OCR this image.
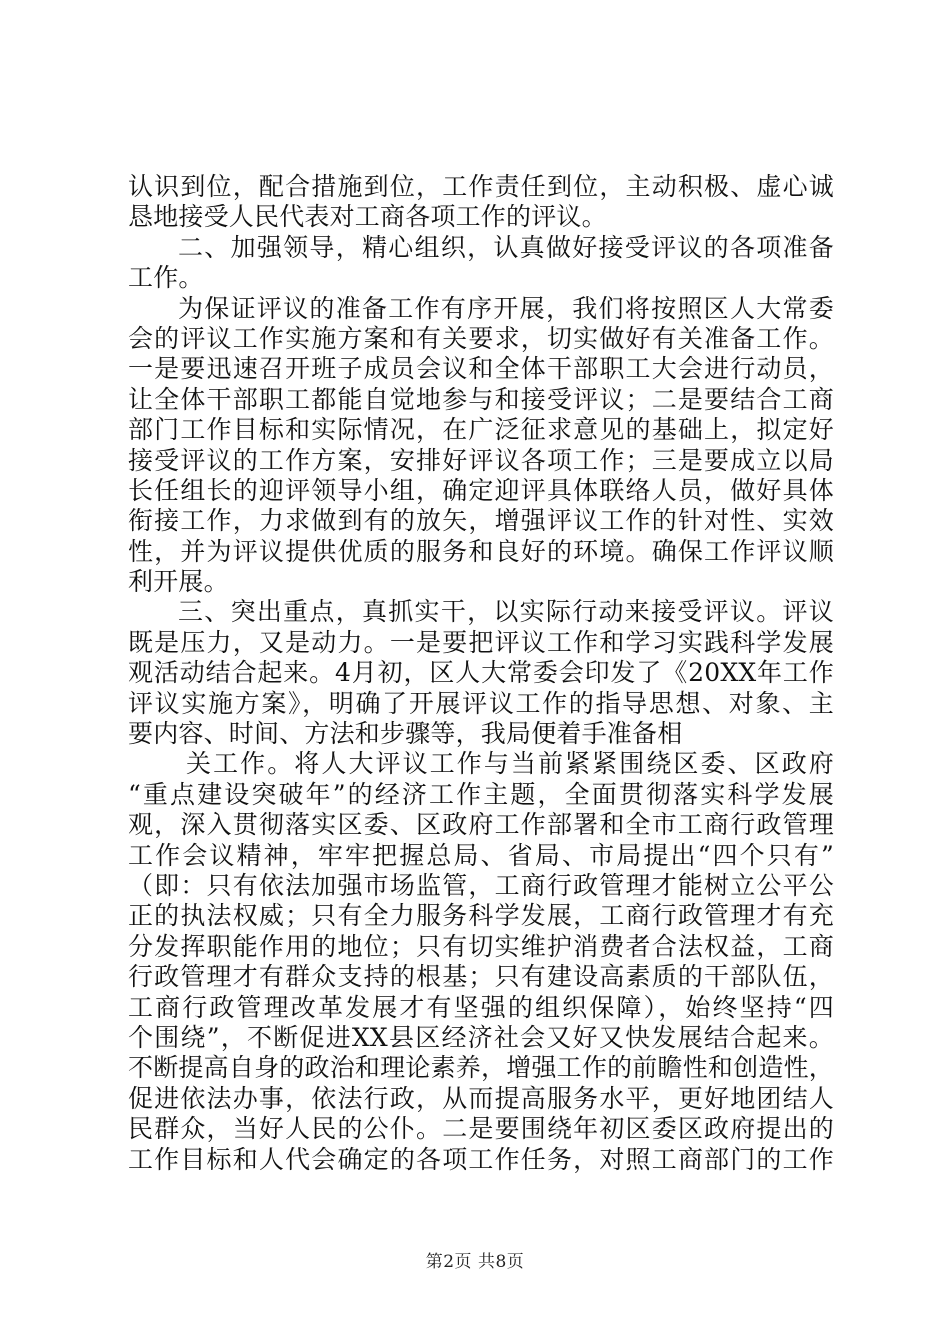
认识到位，配合措施到位，工作责任到位，主动积极、虚心诚
恳地接受人民代表对工商各项工作的评议。
二、加强领导，精心组织，认真做好接受评议的各项准备
工作。
为保证评议的准备工作有序开展，我们将按照区人大常委
会的评议工作实施方案和有关要求，切实做好有关准备工作。
一是要迅速召开班子成员会议和全体干部职工大会进行动员，
让全体干部职工都能自觉地参与和接受评议；二是要结合工商
部门工作目标和实际情况，在广泛征求意见的基础上，拟定好
接受评议的工作方案，安排好评议各项工作；三是要成立以局
长任组长的迎评领导小组，确定迎评具体联络人员，做好具体
衔接工作，力求做到有的放矢，增强评议工作的针对性、实效
性，并为评议提供优质的服务和良好的环境。确保工作评议顺
利开展。
三、突出重点，真抓实干，以实际行动来接受评议。评议
既是压力，又是动力。一是要把评议工作和学习实践科学发展
观活动结合起来。4月初，区人大常委会印发了《20XX年工作
评议实施方案》，明确了开展评议工作的指导思想、对象、主
要内容、时间、方法和步骤等，我局便着手准备相
关工作。将人大评议工作与当前紧紧围绕区委、区政府
“重点建设突破年”的经济工作主题，全面贯彻落实科学发展
观，深入贯彻落实区委、区政府工作部署和全市工商行政管理
工作会议精神，牢牢把握总局、省局、市局提出“四个只有”
（即：只有依法加强市场监管，工商行政管理才能树立公平公
正的执法权威；只有全力服务科学发展，工商行政管理才有充
分发挥职能作用的地位；只有切实维护消费者合法权益，工商
行政管理才有群众支持的根基；只有建设高素质的干部队伍，
工商行政管理改革发展才有坚强的组织保障），始终坚持“四
个围绕”，不断促进XX县区经济社会又好又快发展结合起来。
不断提高自身的政治和理论素养，增强工作的前瞻性和创造性，
促进依法办事，依法行政，从而提高服务水平，更好地团结人
民群众，当好人民的公仆。二是要围绕年初区委区政府提出的
工作目标和人代会确定的各项工作任务，对照工商部门的工作
第2页 共8页
